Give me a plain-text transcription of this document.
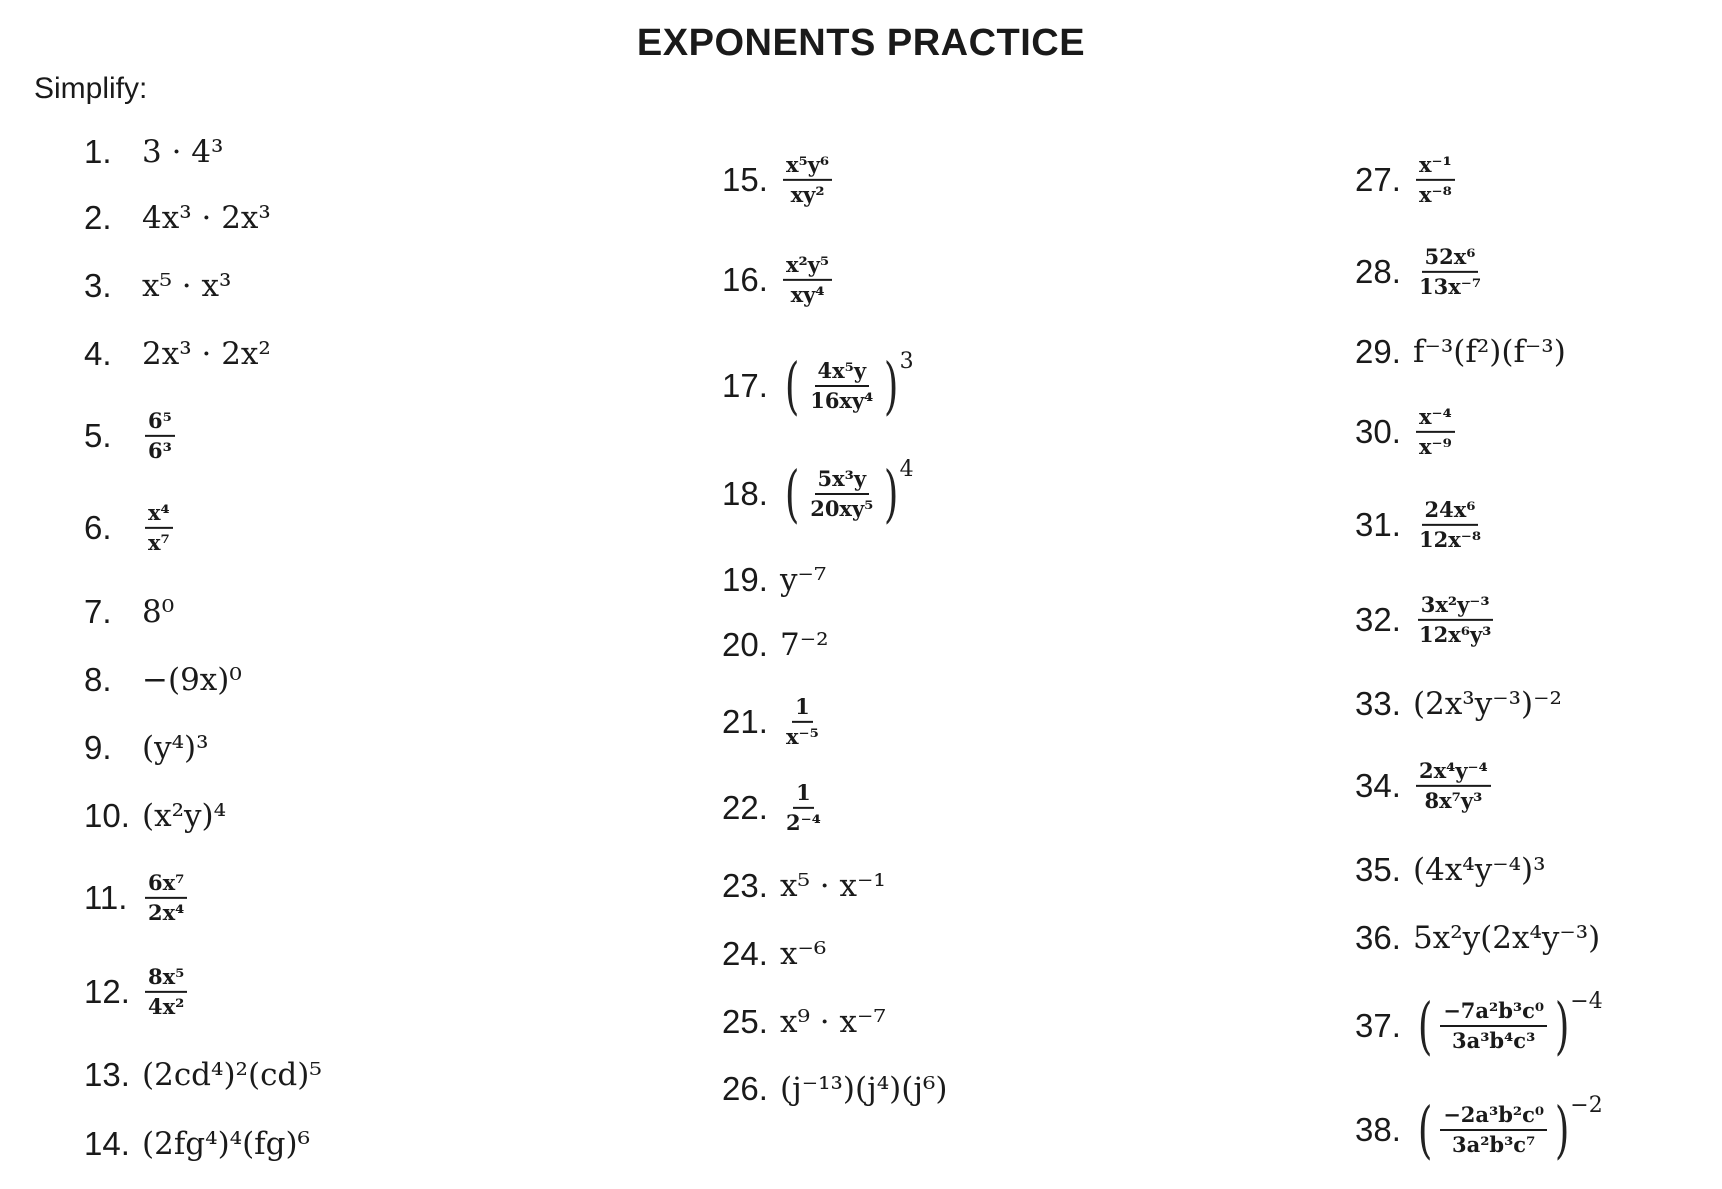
EXPONENTS PRACTICE
Simplify:
1. 3 · 4³
2. 4x³ · 2x³
3. x⁵ · x³
4. 2x³ · 2x²
5.	$\frac{\text{6⁵}}{\text{6³}}$
6.	$\frac{\text{x⁴}}{\text{x⁷}}$
7. 8⁰
8. −(9x)⁰
9. (y⁴)³
10. (x²y)⁴
11. $\frac{\text{6x⁷}}{\text{2x⁴}}$
12. $\frac{\text{8x⁵}}{\text{4x²}}$
13. (2cd⁴)²(cd)⁵
14. (2fg⁴)⁴(fg)⁶
15. $\frac{\text{x⁵y⁶}}{\text{xy²}}$
16. $\frac{\text{x²y⁵}}{\text{xy⁴}}$
17. ( $\frac{\text{4x⁵y}}{\text{16xy⁴}}$ ) 3
18. ( $\frac{\text{5x³y}}{\text{20xy⁵}}$ ) 4
19. y⁻⁷
20. 7⁻²
21. $\frac{1}{\text{x⁻⁵}}$
22. $\frac{1}{\text{2⁻⁴}}$
23. x⁵ · x⁻¹
24. x⁻⁶
25. x⁹ · x⁻⁷
26. (j⁻¹³)(j⁴)(j⁶)
27. $\frac{\text{x⁻¹}}{\text{x⁻⁸}}$
28. $\frac{\text{52x⁶}}{\text{13x⁻⁷}}$
29. f⁻³(f²)(f⁻³)
30. $\frac{\text{x⁻⁴}}{\text{x⁻⁹}}$
31. $\frac{\text{24x⁶}}{\text{12x⁻⁸}}$
32. $\frac{\text{3x²y⁻³}}{\text{12x⁶y³}}$
33. (2x³y⁻³)⁻²
34. $\frac{\text{2x⁴y⁻⁴}}{\text{8x⁷y³}}$
35. (4x⁴y⁻⁴)³
36. 5x²y(2x⁴y⁻³)
37. ( $\frac{\text{−7a²b³c⁰}}{\text{3a³b⁴c³}}$ ) −4
38. ( $\frac{\text{−2a³b²c⁰}}{\text{3a²b³c⁷}}$ ) −2
